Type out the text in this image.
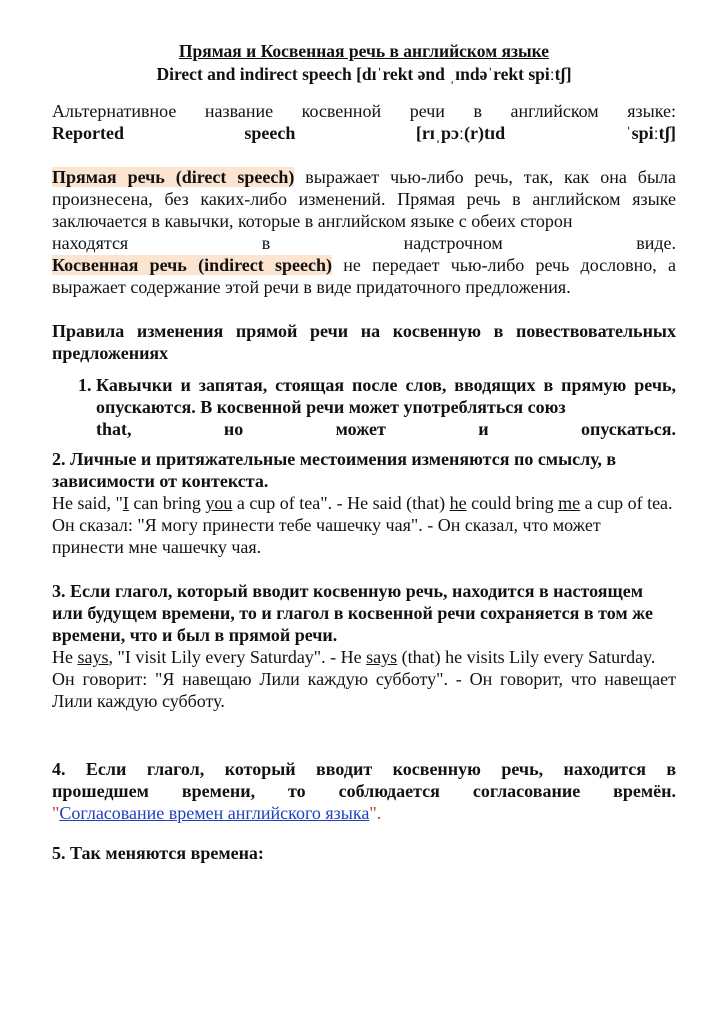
Прямая и Косвенная речь в английском языке
Direct and indirect speech [dɪˈrekt ənd ˌɪndəˈrekt spiːtʃ]

Альтернативное название косвенной речи в английском языке:

Reported	speech	[rɪˌpɔː(r)tɪd	ˈspiːtʃ]

Прямая речь (direct speech) выражает чью-либо речь, так, как она была произнесена, без каких-либо изменений. Прямая речь в английском языке заключается в кавычки, которые в английском языке с обеих сторон

находятся	в	надстрочном	виде.

Косвенная речь (indirect speech) не передает чью-либо речь дословно, а выражает содержание этой речи в виде придаточного предложения.

Правила изменения прямой речи на косвенную в повествовательных предложениях

1. Кавычки и запятая, стоящая после слов, вводящих в прямую речь, опускаются. В косвенной речи может употребляться союз
that,	но	может	и	опускаться.

2. Личные и притяжательные местоимения изменяются по смыслу, в зависимости от контекста.

He said, "I can bring you a cup of tea". - He said (that) he could bring me a cup of tea.

Он сказал: "Я могу принести тебе чашечку чая". - Он сказал, что может принести мне чашечку чая.

3. Если глагол, который вводит косвенную речь, находится в настоящем или будущем времени, то и глагол в косвенной речи сохраняется в том же времени, что и был в прямой речи.

He says, "I visit Lily every Saturday". - He says (that) he visits Lily every Saturday.

Он говорит: "Я навещаю Лили каждую субботу". - Он говорит, что навещает Лили каждую субботу.

4. Если глагол, который вводит косвенную речь, находится в

прошедшем времени, то соблюдается согласование времён.

"Согласование времен английского языка".

5. Так меняются времена:
